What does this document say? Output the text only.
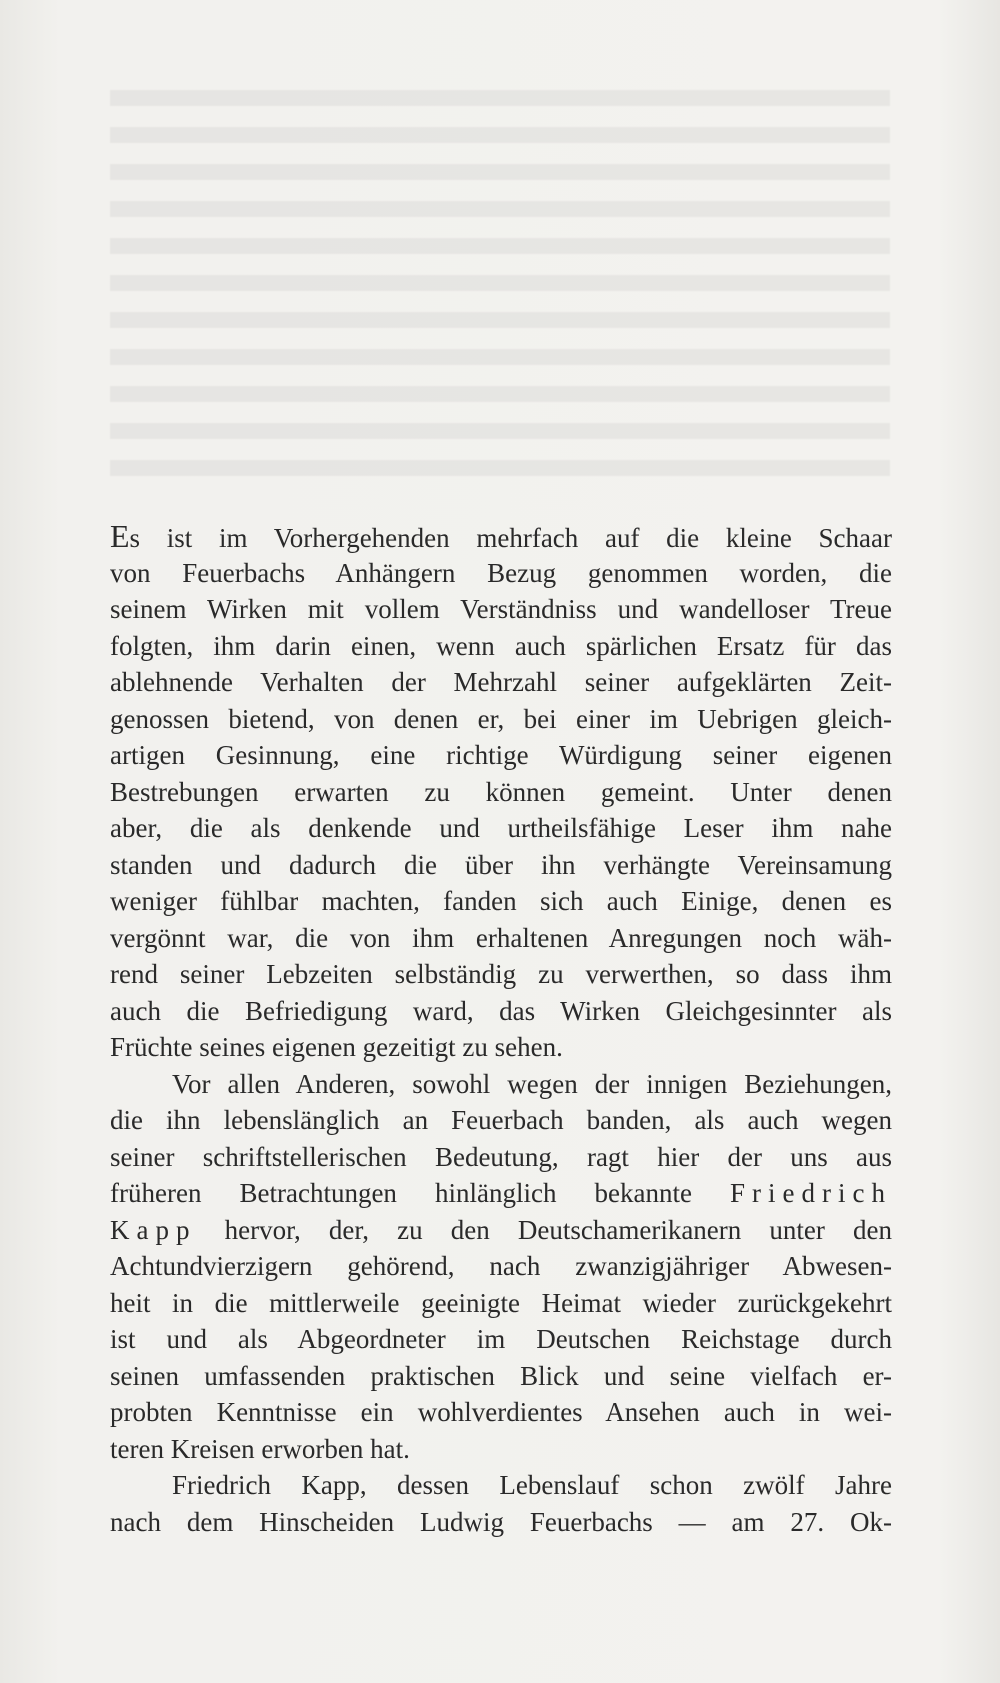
Es ist im Vorhergehenden mehrfach auf die kleine Schaar
von Feuerbachs Anhängern Bezug genommen worden, die
seinem Wirken mit vollem Verständniss und wandelloser Treue
folgten, ihm darin einen, wenn auch spärlichen Ersatz für das
ablehnende Verhalten der Mehrzahl seiner aufgeklärten Zeit-
genossen bietend, von denen er, bei einer im Uebrigen gleich-
artigen Gesinnung, eine richtige Würdigung seiner eigenen
Bestrebungen erwarten zu können gemeint. Unter denen
aber, die als denkende und urtheilsfähige Leser ihm nahe
standen und dadurch die über ihn verhängte Vereinsamung
weniger fühlbar machten, fanden sich auch Einige, denen es
vergönnt war, die von ihm erhaltenen Anregungen noch wäh-
rend seiner Lebzeiten selbständig zu verwerthen, so dass ihm
auch die Befriedigung ward, das Wirken Gleichgesinnter als
Früchte seines eigenen gezeitigt zu sehen.
Vor allen Anderen, sowohl wegen der innigen Beziehungen,
die ihn lebenslänglich an Feuerbach banden, als auch wegen
seiner schriftstellerischen Bedeutung, ragt hier der uns aus
früheren Betrachtungen hinlänglich bekannte Friedrich
Kapp hervor, der, zu den Deutschamerikanern unter den
Achtundvierzigern gehörend, nach zwanzigjähriger Abwesen-
heit in die mittlerweile geeinigte Heimat wieder zurückgekehrt
ist und als Abgeordneter im Deutschen Reichstage durch
seinen umfassenden praktischen Blick und seine vielfach er-
probten Kenntnisse ein wohlverdientes Ansehen auch in wei-
teren Kreisen erworben hat.
Friedrich Kapp, dessen Lebenslauf schon zwölf Jahre
nach dem Hinscheiden Ludwig Feuerbachs — am 27. Ok-
